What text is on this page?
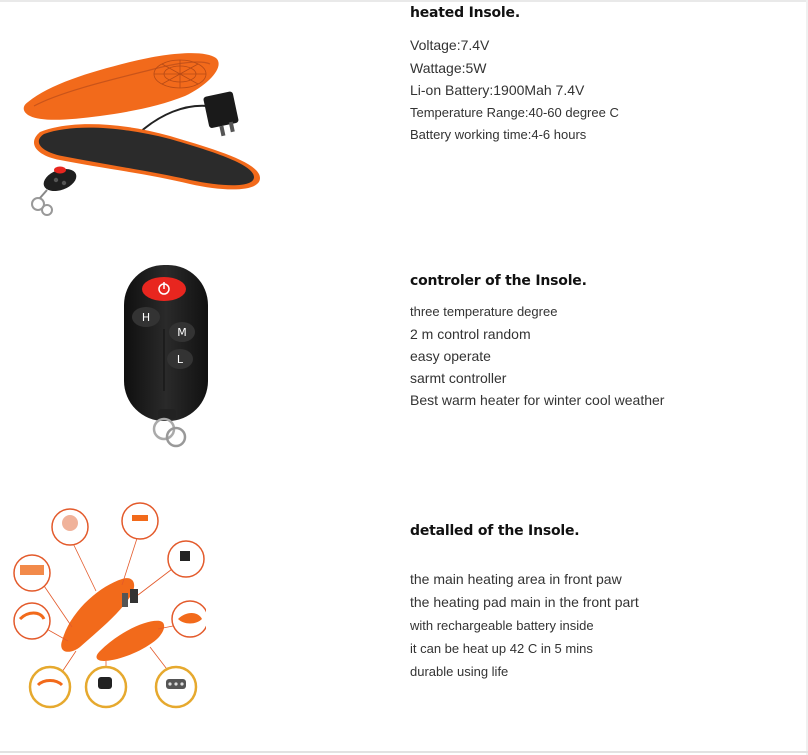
heated Insole.
Voltage:7.4V
Wattage:5W
Li-on Battery:1900Mah 7.4V
Temperature Range:40-60 degree C
Battery working time:4-6 hours
H
M
L
controler of the Insole.
three temperature degree
2 m control random
easy operate
sarmt controller
Best warm heater for winter cool weather
detalled of the Insole.
the main heating area in front paw
the heating pad main in the front part
with rechargeable battery inside
it can be heat up 42 C in 5 mins
durable using life
